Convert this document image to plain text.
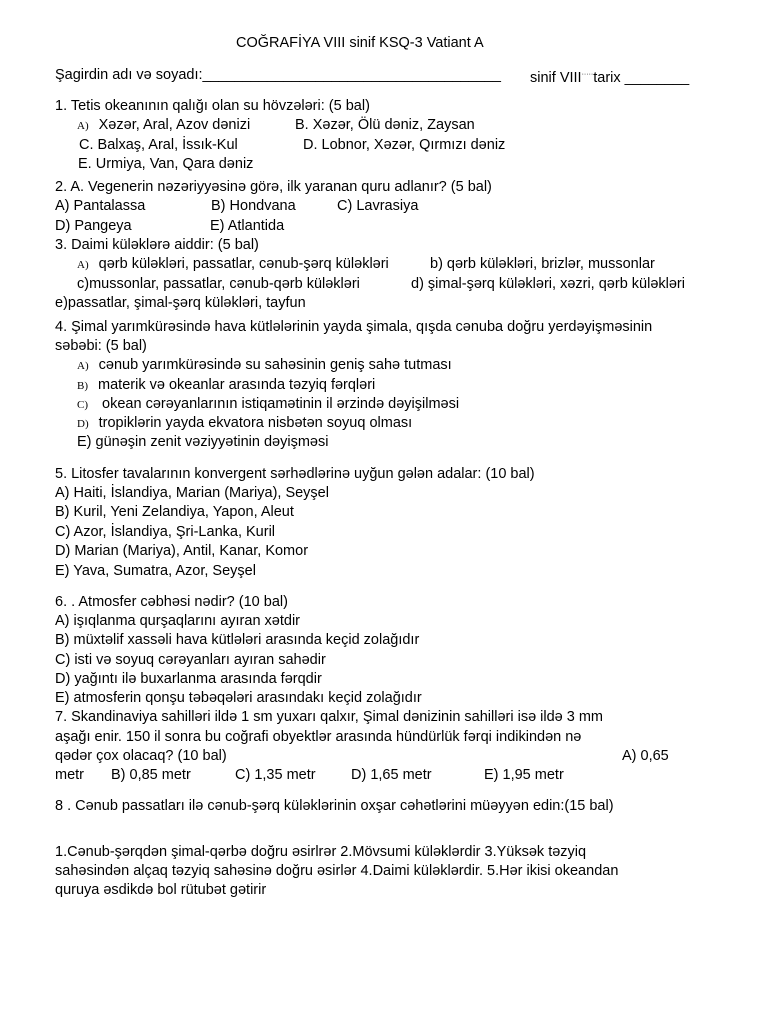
COĞRAFİYA VIII sinif KSQ-3 Vatiant A
Şagirdin adı və soyadı:_____________________________________ sinif VIII·····tarix ________
1. Tetis okeanının qalığı olan su hövzələri: (5 bal)
A) Xəzər, Aral, Azov dənizi	B. Xəzər, Ölü dəniz, Zaysan
C. Balxaş, Aral, İssık-Kul	D. Lobnor, Xəzər, Qırmızı dəniz
E. Urmiya, Van, Qara dəniz
2. A. Vegenerin nəzəriyyəsinə görə, ilk yaranan quru adlanır? (5 bal)
A) Pantalassa	B) Hondvana	C) Lavrasiya
D) Pangeya	E) Atlantida
3. Daimi küləklərə aiddir: (5 bal)
A) qərb küləkləri, passatlar, cənub-şərq küləkləri	b) qərb küləkləri, brizlər, mussonlar
c)mussonlar, passatlar, cənub-qərb küləkləri	d) şimal-şərq küləkləri, xəzri, qərb küləkləri
e)passatlar, şimal-şərq küləkləri, tayfun
4. Şimal yarımkürəsində hava kütlələrinin yayda şimala, qışda cənuba doğru yerdəyişməsinin
səbəbi: (5 bal)
A) cənub yarımkürəsində su sahəsinin geniş sahə tutması
B) materik və okeanlar arasında təzyiq fərqləri
C) okean cərəyanlarının istiqamətinin il ərzində dəyişilməsi
D) tropiklərin yayda ekvatora nisbətən soyuq olması
E) günəşin zenit vəziyyətinin dəyişməsi
5. Litosfer tavalarının konvergent sərhədlərinə uyğun gələn adalar: (10 bal)
A) Haiti, İslandiya, Marian (Mariya), Seyşel
B) Kuril, Yeni Zelandiya, Yapon, Aleut
C) Azor, İslandiya, Şri-Lanka, Kuril
D) Marian (Mariya), Antil, Kanar, Komor
E) Yava, Sumatra, Azor, Seyşel
6. . Atmosfer cəbhəsi nədir? (10 bal)
A) işıqlanma qurşaqlarını ayıran xətdir
B) müxtəlif xassəli hava kütlələri arasında keçid zolağıdır
C) isti və soyuq cərəyanları ayıran sahədir
D) yağıntı ilə buxarlanma arasında fərqdir
E) atmosferin qonşu təbəqələri arasındakı keçid zolağıdır
7. Skandinaviya sahilləri ildə 1 sm yuxarı qalxır, Şimal dənizinin sahilləri isə ildə 3 mm
aşağı enir. 150 il sonra bu coğrafi obyektlər arasında hündürlük fərqi indikindən nə
qədər çox olacaq? (10 bal)	A) 0,65
metr B) 0,85 metr	C) 1,35 metr D) 1,65 metr	E) 1,95 metr
8 . Cənub passatları ilə cənub-şərq küləklərinin oxşar cəhətlərini müəyyən edin:(15 bal)
1.Cənub-şərqdən şimal-qərbə doğru əsirlrər 2.Mövsumi küləklərdir 3.Yüksək təzyiq
sahəsindən alçaq təzyiq sahəsinə doğru əsirlər 4.Daimi küləklərdir. 5.Hər ikisi okeandan
quruya əsdikdə bol rütubət gətirir
